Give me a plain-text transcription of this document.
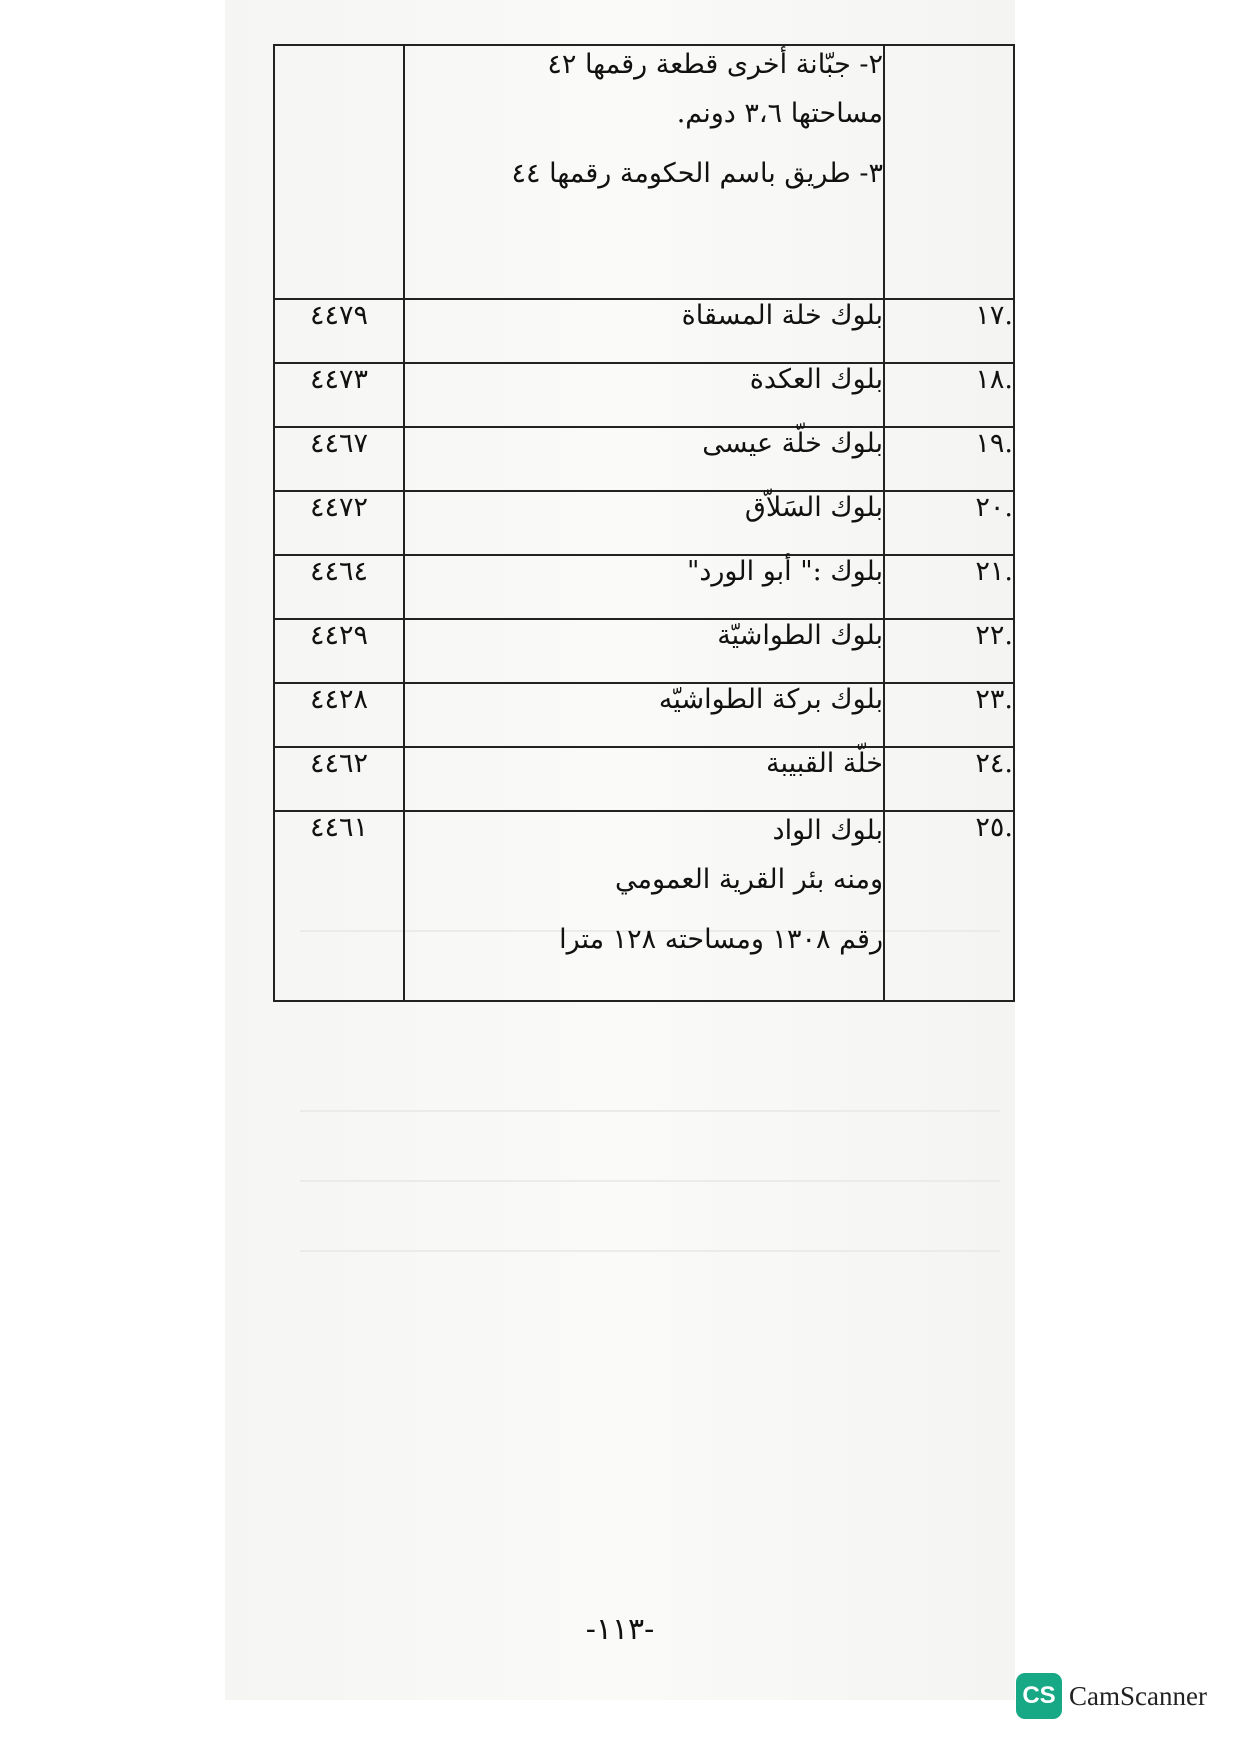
	٢- جبّانة أخرى قطعة رقمها ٤٢
مساحتها ٣،٦ دونم.
٣- طريق باسم الحكومة رقمها ٤٤	

.١٧	بلوك خلة المسقاة	٤٤٧٩
.١٨	بلوك العكدة	٤٤٧٣
.١٩	بلوك خلّة عيسى	٤٤٦٧
.٢٠	بلوك السَلاّق	٤٤٧٢
.٢١	بلوك :" أبو الورد"	٤٤٦٤
.٢٢	بلوك الطواشيّة	٤٤٢٩
.٢٣	بلوك بركة الطواشيّه	٤٤٢٨
.٢٤	خلّة القبيبة	٤٤٦٢
.٢٥	بلوك الواد
ومنه بئر القرية العمومي
رقم ١٣٠٨ ومساحته ١٢٨ مترا	٤٤٦١
-١١٣-
CS CamScanner
